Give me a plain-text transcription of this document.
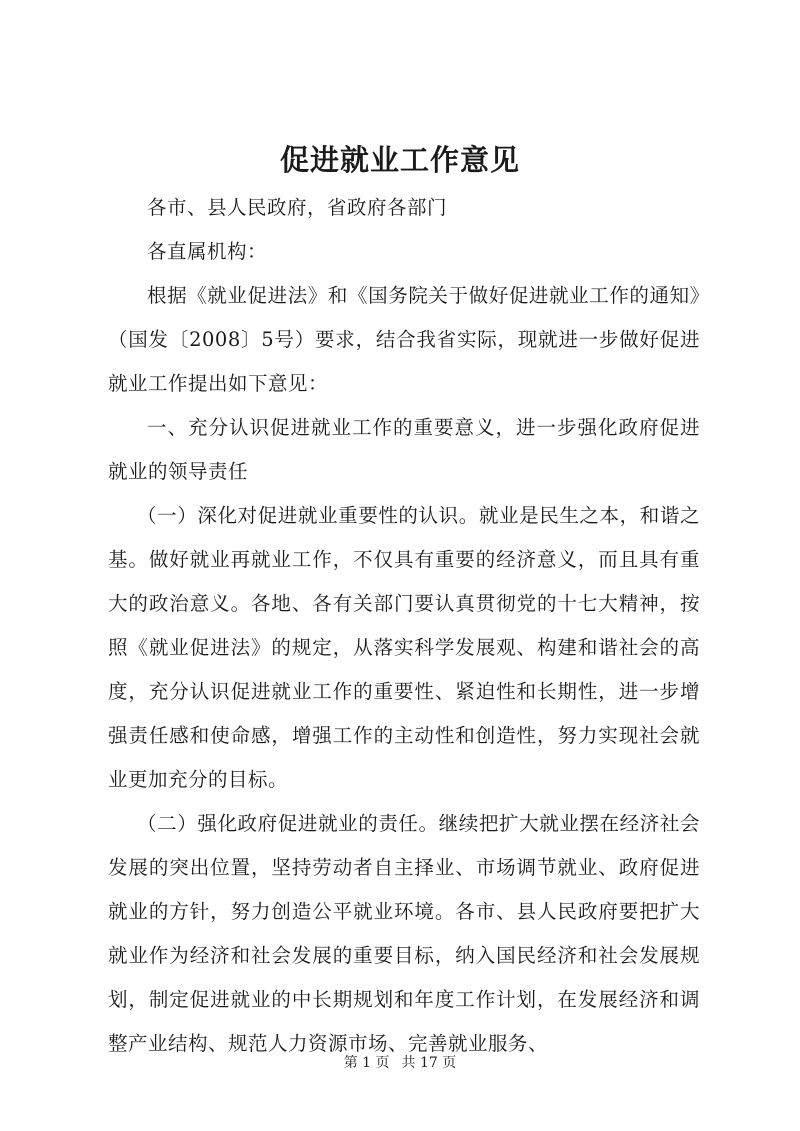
促进就业工作意见

各市、县人民政府，省政府各部门

各直属机构：

根据《就业促进法》和《国务院关于做好促进就业工作的通知》（国发〔2008〕5号）要求，结合我省实际，现就进一步做好促进就业工作提出如下意见：

一、充分认识促进就业工作的重要意义，进一步强化政府促进就业的领导责任

（一）深化对促进就业重要性的认识。就业是民生之本，和谐之基。做好就业再就业工作，不仅具有重要的经济意义，而且具有重大的政治意义。各地、各有关部门要认真贯彻党的十七大精神，按照《就业促进法》的规定，从落实科学发展观、构建和谐社会的高度，充分认识促进就业工作的重要性、紧迫性和长期性，进一步增强责任感和使命感，增强工作的主动性和创造性，努力实现社会就业更加充分的目标。

（二）强化政府促进就业的责任。继续把扩大就业摆在经济社会发展的突出位置，坚持劳动者自主择业、市场调节就业、政府促进就业的方针，努力创造公平就业环境。各市、县人民政府要把扩大就业作为经济和社会发展的重要目标，纳入国民经济和社会发展规划，制定促进就业的中长期规划和年度工作计划，在发展经济和调整产业结构、规范人力资源市场、完善就业服务、

第 1 页 共 17 页
